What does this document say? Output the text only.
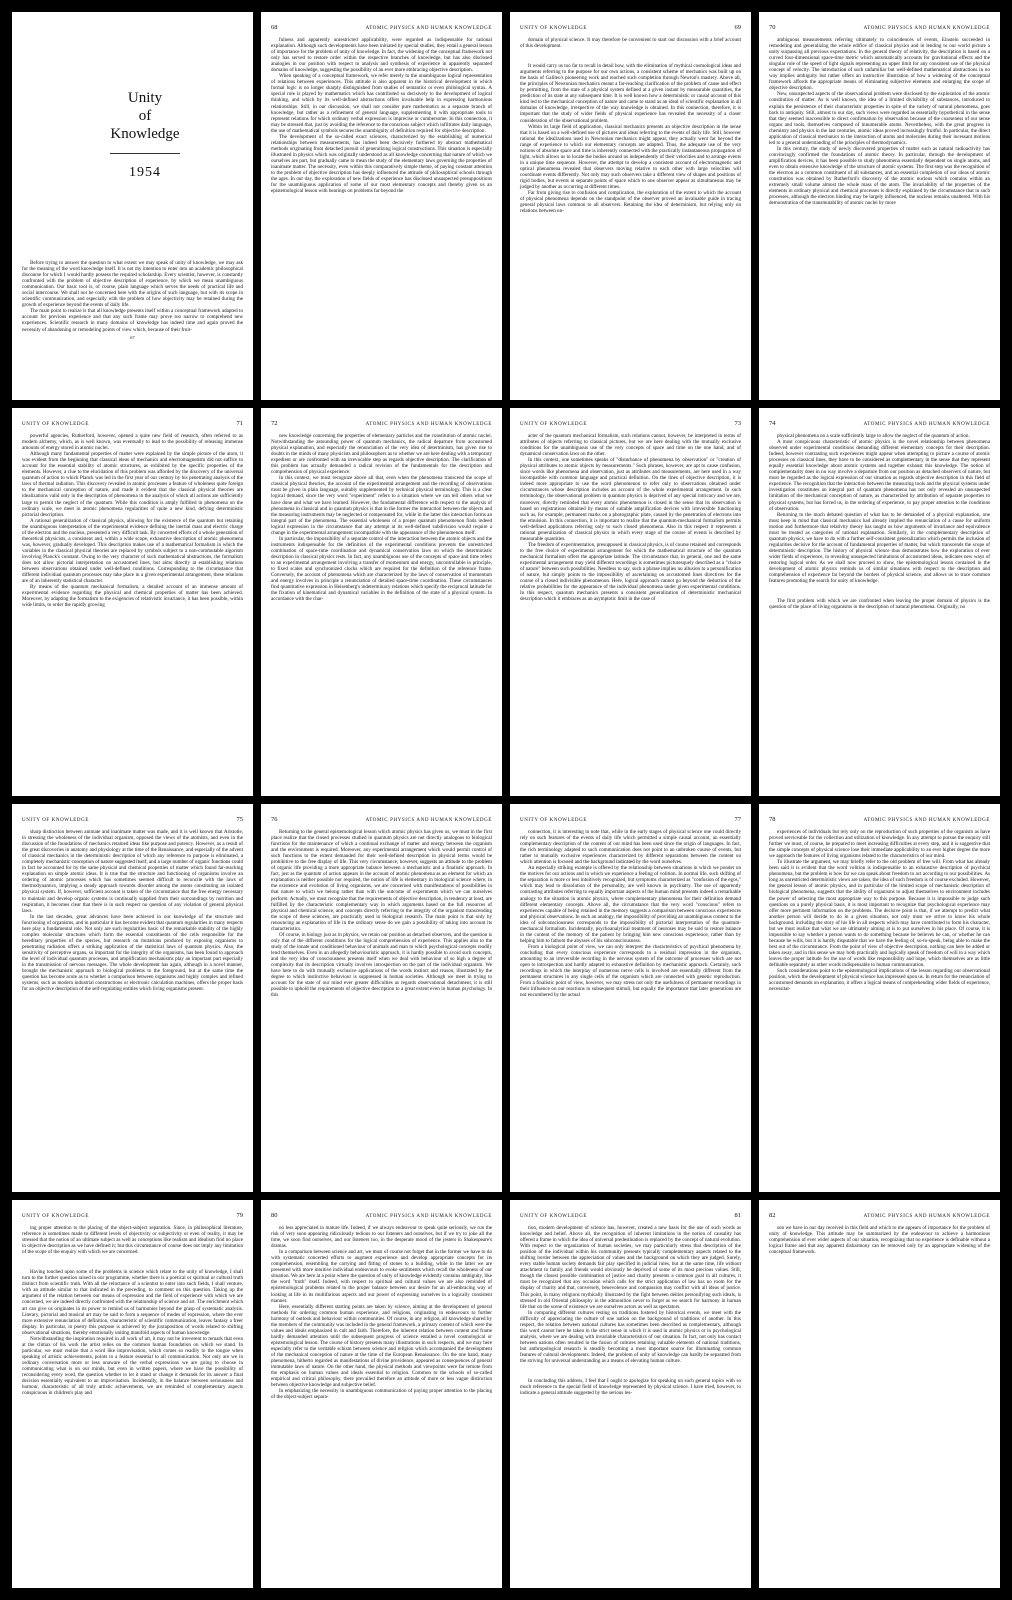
Unity
of
Knowledge
1954

Before trying to answer the question to what extent we may speak of unity of knowledge, we may ask for the meaning of the word knowledge itself. It is not my intention to enter into an academic philosophical discourse for which I would hardly possess the required scholarship. Every scientist, however, is constantly confronted with the problem of objective description of experience, by which we mean unambiguous communication. Our basic tool is, of course, plain language which serves the needs of practical life and social intercourse. We shall not be concerned here with the origins of such language, but with its scope in scientific communication, and especially with the problem of how objectivity may be retained during the growth of experience beyond the events of daily life.

The main point to realize is that all knowledge presents itself within a conceptual framework adapted to account for previous experience and that any such frame may prove too narrow to comprehend new experiences. Scientific research in many domains of knowledge has indeed time and again proved the necessity of abandoning or remodeling points of view which, because of their fruit-

67
68	ATOMIC PHYSICS AND HUMAN KNOWLEDGE

fulness and apparently unrestricted applicability, were regarded as indispensable for rational explanation. Although such developments have been initiated by special studies, they entail a general lesson of importance for the problem of unity of knowledge. In fact, the widening of the conceptual framework not only has served to restore order within the respective branches of knowledge, but has also disclosed analogies in our position with respect to analysis and synthesis of experience in apparently separated domains of knowledge, suggesting the possibility of an ever more embracing objective description.

When speaking of a conceptual framework, we refer merely to the unambiguous logical representation of relations between experiences. This attitude is also apparent in the historical development in which formal logic is no longer sharply distinguished from studies of semantics or even philological syntax. A special role is played by mathematics which has contributed so decisively to the development of logical thinking, and which by its well-defined abstractions offers invaluable help in expressing harmonious relationships. Still, in our discussion, we shall not consider pure mathematics as a separate branch of knowledge, but rather as a refinement of general language, supplementing it with appropriate tools to represent relations for which ordinary verbal expression is imprecise or cumbersome. In this connection, it may be stressed that, just by avoiding the reference to the conscious subject which infiltrates daily language, the use of mathematical symbols secures the unambiguity of definition required for objective description.

The development of the so-called exact sciences, characterized by the establishing of numerical relationships between measurements, has indeed been decisively furthered by abstract mathematical methods originating from detached pursuit of generalizing logical constructions. This situation is especially illustrated in physics which was originally understood as all knowledge concerning that nature of which we ourselves are part, but gradually came to mean the study of the elementary laws governing the properties of inanimate matter. The necessity, even within this comparatively simple theme, of paying constant attention to the problem of objective description has deeply influenced the attitude of philosophical schools through the ages. In our day, the exploration of new fields of experience has disclosed unsuspected presuppositions for the unambiguous application of some of our most elementary concepts and thereby given us an epistemological lesson with bearings on problems far beyond the

UNITY OF KNOWLEDGE	69

domain of physical science. It may therefore be convenient to start our discussion with a brief account of this development.

It would carry us too far to recall in detail how, with the elimination of mythical cosmological ideas and arguments referring to the purpose for our own actions, a consistent scheme of mechanics was built up on the basis of Galileo's pioneering work and reached such completion through Newton's mastery. Above all, the principles of Newtonian mechanics meant a far-reaching clarification of the problem of cause and effect by permitting, from the state of a physical system defined at a given instant by measurable quantities, the prediction of its state at any subsequent time. It is well known how a deterministic or causal account of this kind led to the mechanical conception of nature and came to stand as an ideal of scientific explanation in all domains of knowledge, irrespective of the way knowledge is obtained. In this connection, therefore, it is important that the study of wider fields of physical experience has revealed the necessity of a closer consideration of the observational problem.

Within its large field of application, classical mechanics presents an objective description in the sense that it is based on a well-defined use of pictures and ideas referring to the events of daily life. Still, however rational the idealizations used in Newtonian mechanics might appear, they actually went far beyond the range of experience to which our elementary concepts are adapted. Thus, the adequate use of the very notions of absolute space and time is inherently connected with the practically instantaneous propagation of light, which allows us to locate the bodies around us independently of their velocities and to arrange events in a unique time sequence. However, the attempt to develop a consistent account of electromagnetic and optical phenomena revealed that observers moving relative to each other with large velocities will coordinate events differently. Not only may such observers take a different view of shapes and positions of rigid bodies, but events at separate points of space which to one observer appear as simultaneous may be judged by another as occurring at different times.

Far from giving rise to confusion and complication, the exploration of the extent to which the account of physical phenomena depends on the standpoint of the observer proved an invaluable guide in tracing general physical laws common to all observers. Retaining the idea of determinism, but relying only on relations between un-

70	ATOMIC PHYSICS AND HUMAN KNOWLEDGE

ambiguous measurements referring ultimately to coincidences of events, Einstein succeeded in remodeling and generalizing the whole edifice of classical physics and in lending to our world picture a unity surpassing all previous expectations. In the general theory of relativity, the description is based on a curved four-dimensional space-time metric which automatically accounts for gravitational effects and the singular role of the speed of light signals representing an upper limit for any consistent use of the physical concept of velocity. The introduction of such unfamiliar but well-defined mathematical abstractions in no way implies ambiguity but rather offers an instructive illustration of how a widening of the conceptual framework affords the appropriate means of eliminating subjective elements and enlarging the scope of objective description.

New, unsuspected aspects of the observational problem were disclosed by the exploration of the atomic constitution of matter. As is well known, the idea of a limited divisibility of substances, introduced to explain the persistence of their characteristic properties in spite of the variety of natural phenomena, goes back to antiquity. Still, almost to our day, such views were regarded as essentially hypothetical in the sense that they seemed inaccessible to direct confirmation by observation because of the coarseness of our sense organs and tools, themselves composed of innumerable atoms. Nevertheless, with the great progress in chemistry and physics in the last centuries, atomic ideas proved increasingly fruitful. In particular, the direct application of classical mechanics to the interaction of atoms and molecules during their incessant motions led to a general understanding of the principles of thermodynamics.

In this century, the study of newly discovered properties of matter such as natural radioactivity has convincingly confirmed the foundations of atomic theory. In particular, through the development of amplification devices, it has been possible to study phenomena essentially dependent on single atoms, and even to obtain extensive knowledge of the structure of atomic systems. The first step was the recognition of the electron as a common constituent of all substances, and an essential completion of our ideas of atomic constitution was obtained by Rutherford's discovery of the atomic nucleus which contains within an extremely small volume almost the whole mass of the atom. The invariability of the properties of the elements in ordinary physical and chemical processes is directly explained by the circumstance that in such processes, although the electron binding may be largely influenced, the nucleus remains unaltered. With his demonstration of the transmutability of atomic nuclei by more

UNITY OF KNOWLEDGE	71

powerful agencies, Rutherford, however, opened a quite new field of research, often referred to as modern alchemy, which, as is well known, was eventually to lead to the possibility of releasing immense amounts of energy stored in atomic nuclei.

Although many fundamental properties of matter were explained by the simple picture of the atom, it was evident from the beginning that classical ideas of mechanics and electromagnetism did not suffice to account for the essential stability of atomic structures, as exhibited by the specific properties of the elements. However, a clue to the elucidation of this problem was afforded by the discovery of the universal quantum of action to which Planck was led in the first year of our century by his penetrating analysis of the laws of thermal radiation. This discovery revealed in atomic processes a feature of wholeness quite foreign to the mechanical conception of nature, and made it evident that the classical physical theories are idealizations valid only in the description of phenomena in the analysis of which all actions are sufficiently large to permit the neglect of the quantum. While this condition is amply fulfilled in phenomena on the ordinary scale, we meet in atomic phenomena regularities of quite a new kind, defying deterministic pictorial description.

A rational generalization of classical physics, allowing for the existence of the quantum but retaining the unambiguous interpretation of the experimental evidence defining the inertial mass and electric charge of the electron and the nucleus, presented a very difficult task. By concerted efforts of a whole generation of theoretical physicists, a consistent and, within a wide scope, exhaustive description of atomic phenomena was, however, gradually developed. This description makes use of a mathematical formalism in which the variables in the classical physical theories are replaced by symbols subject to a non-commutable algorism involving Planck's constant. Owing to the very character of such mathematical abstractions, the formalism does not allow pictorial interpretation on accustomed lines, but aims directly at establishing relations between observations obtained under well-defined conditions. Corresponding to the circumstance that different individual quantum processes may take place in a given experimental arrangement, these relations are of an inherently statistical character.

By means of the quantum mechanical formalism, a detailed account of an immense amount of experimental evidence regarding the physical and chemical properties of matter has been achieved. Moreover, by adapting the formalism to the exigencies of relativistic invariance, it has been possible, within wide limits, to order the rapidly growing

72	ATOMIC PHYSICS AND HUMAN KNOWLEDGE

new knowledge concerning the properties of elementary particles and the constitution of atomic nuclei. Notwithstanding the astounding power of quantum mechanics, the radical departure from accustomed physical explanation, and especially the renunciation of the very idea of determinism, has given rise to doubts in the minds of many physicists and philosophers as to whether we are here dealing with a temporary expedient or are confronted with an irrevocable step as regards objective description. The clarification of this problem has actually demanded a radical revision of the fundamentals for the description and comprehension of physical experience.

In this context, we must recognize above all that, even when the phenomena transcend the scope of classical physical theories, the account of the experimental arrangement and the recording of observations must be given in plain language, suitably supplemented by technical physical terminology. This is a clear logical demand, since the very word "experiment" refers to a situation where we can tell others what we have done and what we have learned. However, the fundamental difference with respect to the analysis of phenomena in classical and in quantum physics is that in the former the interaction between the objects and the measuring instruments may be neglected or compensated for, while in the latter this interaction forms an integral part of the phenomena. The essential wholeness of a proper quantum phenomenon finds indeed logical expression in the circumstance that any attempt at its well-defined subdivision would require a change in the experimental arrangement incompatible with the appearance of the phenomenon itself.

In particular, the impossibility of a separate control of the interaction between the atomic objects and the instruments indispensable for the definition of the experimental conditions prevents the unrestricted combination of space-time coordination and dynamical conservation laws on which the deterministic description in classical physics rests. In fact, any unambiguous use of the concepts of space and time refers to an experimental arrangement involving a transfer of momentum and energy, uncontrollable in principle, to fixed scales and synchronized clocks which are required for the definition of the reference frame. Conversely, the account of phenomena which are characterized by the laws of conservation of momentum and energy involves in principle a renunciation of detailed space-time coordination. These circumstances find quantitative expression in Heisenberg's indeterminacy relations which specify the reciprocal latitude for the fixation of kinematical and dynamical variables in the definition of the state of a physical system. In accordance with the char-

UNITY OF KNOWLEDGE	73

acter of the quantum mechanical formalism, such relations cannot, however, be interpreted in terms of attributes of objects referring to classical pictures, but we are here dealing with the mutually exclusive conditions for the unambiguous use of the very concepts of space and time on the one hand, and of dynamical conservation laws on the other.

In this context, one sometimes speaks of "disturbance of phenomena by observation" or "creation of physical attributes to atomic objects by measurements." Such phrases, however, are apt to cause confusion, since words like phenomena and observation, just as attributes and measurements, are here used in a way incompatible with common language and practical definition. On the lines of objective description, it is indeed more appropriate to use the word phenomenon to refer only to observations obtained under circumstances whose description includes an account of the whole experimental arrangement. In such terminology, the observational problem in quantum physics is deprived of any special intricacy and we are, moreover, directly reminded that every atomic phenomenon is closed in the sense that its observation is based on registrations obtained by means of suitable amplification devices with irreversible functioning such as, for example, permanent marks on a photographic plate, caused by the penetration of electrons into the emulsion. In this connection, it is important to realize that the quantum-mechanical formalism permits well-defined applications referring only to such closed phenomena. Also in this respect it represents a rational generalization of classical physics in which every stage of the course of events is described by measurable quantities.

The freedom of experimentation, presupposed in classical physics, is of course retained and corresponds to the free choice of experimental arrangement for which the mathematical structure of the quantum mechanical formalism offers the appropriate latitude. The circumstance that, in general, one and the same experimental arrangement may yield different recordings is sometimes picturesquely described as a "choice of nature" between such possibilities. Needless to say, such a phrase implies no allusion to a personification of nature, but simply points to the impossibility of ascertaining on accustomed lines directives for the course of a closed indivisible phenomenon. Here, logical approach cannot go beyond the deduction of the relative probabilities for the appearance of the individual phenomena under given experimental conditions. In this respect, quantum mechanics presents a consistent generalization of deterministic mechanical description which it embraces as an asymptotic limit in the case of

74	ATOMIC PHYSICS AND HUMAN KNOWLEDGE

physical phenomena on a scale sufficiently large to allow the neglect of the quantum of action.

A most conspicuous characteristic of atomic physics is the novel relationship between phenomena observed under experimental conditions demanding different elementary concepts for their description. Indeed, however contrasting such experiences might appear when attempting to picture a course of atomic processes on classical lines, they have to be considered as complementary in the sense that they represent equally essential knowledge about atomic systems and together exhaust this knowledge. The notion of complementarity does in no way involve a departure from our position as detached observers of nature, but must be regarded as the logical expression of our situation as regards objective description in this field of experience. The recognition that the interaction between the measuring tools and the physical systems under investigation constitutes an integral part of quantum phenomena has not only revealed an unsuspected limitation of the mechanical conception of nature, as characterized by attribution of separate properties to physical systems, but has forced us, in the ordering of experience, to pay proper attention to the conditions of observation.

Returning to the much debated question of what has to be demanded of a physical explanation, one must keep in mind that classical mechanics had already implied the renunciation of a cause for uniform motion and furthermore that relativity theory has taught us how arguments of invariance and equivalence must be treated as categories of rational explanation. Similarly, in the complementary description of quantum physics, we have to do with a further self-consistent generalization which permits the inclusion of regularities decisive for the account of fundamental properties of matter, but which transcends the scope of deterministic description. The history of physical science thus demonstrates how the exploration of ever wider fields of experience, in revealing unsuspected limitations of accustomed ideas, indicates new ways of restoring logical order. As we shall now proceed to show, the epistemological lesson contained in the development of atomic physics reminds us of similar situations with respect to the description and comprehension of experience far beyond the borders of physical science, and allows us to trace common features promoting the search for unity of knowledge.

The first problem with which we are confronted when leaving the proper domain of physics is the question of the place of living organisms in the description of natural phenomena. Originally, no

UNITY OF KNOWLEDGE	75

sharp distinction between animate and inanimate matter was made, and it is well known that Aristotle, in stressing the wholeness of the individual organism, opposed the views of the atomists, and even in the discussion of the foundations of mechanics retained ideas like purpose and potency. However, as a result of the great discoveries in anatomy and physiology at the time of the Renaissance, and especially of the advent of classical mechanics in the deterministic description of which any reference to purpose is eliminated, a completely mechanistic conception of nature suggested itself, and a large number of organic functions could in fact be accounted for by the same physical and chemical properties of matter which found far-reaching explanation on simple atomic ideas. It is true that the structure and functioning of organisms involve an ordering of atomic processes which has sometimes seemed difficult to reconcile with the laws of thermodynamics, implying a steady approach towards disorder among the atoms constituting an isolated physical system. If, however, sufficient account is taken of the circumstance that the free energy necessary to maintain and develop organic systems is continually supplied from their surroundings by nutrition and respiration, it becomes clear that there is in such respect no question of any violation of general physical laws.

In the last decades, great advances have been achieved in our knowledge of the structure and functioning of organisms, and in particular it has become evident that quantum regularities in many respects here play a fundamental role. Not only are such regularities basic of the remarkable stability of the highly complex molecular structures which form the essential constituents of the cells responsible for the hereditary properties of the species, but research on mutations produced by exposing organisms to penetrating radiation offers a striking application of the statistical laws of quantum physics. Also, the sensitivity of perceptive organs, so important for the integrity of the organisms, has been found to approach the level of individual quantum processes, and amplification mechanisms play an important part especially in the transmission of nervous messages. The whole development has again, although in a novel manner, brought the mechanistic approach to biological problems to the foreground, but at the same time the question has become acute as to whether a comparison between organisms and highly complex and refined systems, such as modern industrial constructions or electronic calculation machines, offers the proper basis for an objective description of the self-regulating entities which living organisms present.

76	ATOMIC PHYSICS AND HUMAN KNOWLEDGE

Returning to the general epistemological lesson which atomic physics has given us, we must in the first place realize that the closed processes studied in quantum physics are not directly analogous to biological functions for the maintenance of which a continual exchange of matter and energy between the organism and the environment is required. Moreover, any experimental arrangement which would permit control of such functions to the extent demanded for their well-defined description in physical terms would be prohibitive to the free display of life. This very circumstance, however, suggests an attitude to the problem of organic life providing a more appropriate balance between a mechanistic and a finalistic approach. In fact, just as the quantum of action appears in the account of atomic phenomena as an element for which an explanation is neither possible nor required, the notion of life is elementary in biological science where, in the existence and evolution of living organisms, we are concerned with manifestations of possibilities in that nature to which we belong rather than with the outcome of experiments which we can ourselves perform. Actually, we must recognize that the requirements of objective description, in tendency at least, are fulfilled by the characteristic complementary way in which arguments based on the full resources of physical and chemical science, and concepts directly referring to the integrity of the organism transcending the scope of these sciences, are practically used in biological research. The main point is that only by renouncing an explanation of life in the ordinary sense do we gain a possibility of taking into account its characteristics.

Of course, in biology just as in physics, we retain our position as detached observers, and the question is only that of the different conditions for the logical comprehension of experience. This applies also to the study of the innate and conditioned behaviour of animals and man to which psychological concepts readily lend themselves. Even in an allegedly behaviouristic approach, it is hardly possible to avoid such concepts, and the very idea of consciousness presents itself when we deal with behaviour of so high a degree of complexity that its description virtually involves introspection on the part of the individual organism. We have here to do with mutually exclusive applications of the words instinct and reason, illustrated by the degree to which instinctive behaviour is suppressed in human societies. Although we meet in trying to account for the state of our mind ever greater difficulties as regards observational detachment, it is still possible to uphold the requirements of objective description to a great extent even in human psychology. In this

UNITY OF KNOWLEDGE	77

connection, it is interesting to note that, while in the early stages of physical science one could directly rely on such features of the events of daily life which permitted a simple causal account, an essentially complementary description of the content of our mind has been used since the origin of languages. In fact, the rich terminology adapted to such communication does not point to an unbroken course of events, but rather to mutually exclusive experiences characterized by different separations between the content on which attention is focused and the background indicated by the word ourselves.

An especially striking example is offered by the relationship between situations in which we ponder on the motives for our actions and in which we experience a feeling of volition. In normal life, such shifting of the separation is more or less intuitively recognized, but symptoms characterized as "confusion of the egos," which may lead to dissolution of the personality, are well known in psychiatry. The use of apparently contrasting attributes referring to equally important aspects of the human mind presents indeed a remarkable analogy to the situation in atomic physics, where complementary phenomena for their definition demand different elementary concepts. Above all, the circumstance that the very word "conscious" refers to experiences capable of being retained in the memory suggests a comparison between conscious experiences and physical observations. In such an analogy, the impossibility of providing an unambiguous content to the idea of subconsciousness corresponds to the impossibility of pictorial interpretation of the quantum-mechanical formalism. Incidentally, psychoanalytical treatment of neuroses may be said to restore balance in the content of the memory of the patient by bringing him new conscious experience, rather than by helping him to fathom the abysses of his subconsciousness.

From a biological point of view, we can only interpret the characteristics of psychical phenomena by concluding that every conscious experience corresponds to a residual impression in the organism, amounting to an irreversible recording in the nervous system of the outcome of processes which are not open to introspection and hardly adapted to exhaustive definition by mechanistic approach. Certainly, such recordings in which the interplay of numerous nerve cells is involved are essentially different from the permanent structures in any single cells of the organism which are connected with genetic reproduction. From a finalistic point of view, however, we may stress not only the usefulness of permanent recordings in their influence on our reactions to subsequent stimuli, but equally the importance that later generations are not encumbered by the actual

78	ATOMIC PHYSICS AND HUMAN KNOWLEDGE

experiences of individuals but rely only on the reproduction of such properties of the organism as have proved serviceable for the collection and utilization of knowledge. In any attempt to pursue the enquiry still further we must, of course, be prepared to meet increasing difficulties at every step, and it is suggestive that the simple concepts of physical science lose their immediate applicability to an ever higher degree the more we approach the features of living organisms related to the characteristics of our mind.

To illustrate the argument, we may briefly refer to the old problem of free will. From what has already been said it is evident that the word volition is indispensable to an exhaustive description of psychical phenomena, but the problem is how far we can speak about freedom to act according to our possibilities. As long as unrestricted deterministic views are taken, the idea of such freedom is of course excluded. However, the general lesson of atomic physics, and in particular of the limited scope of mechanistic description of biological phenomena, suggests that the ability of organisms to adjust themselves to environment includes the power of selecting the most appropriate way to this purpose. Because it is impossible to judge such questions on a purely physical basis, it is most important to recognize that psychological experience may offer more pertinent information on the problems. The decisive point is that, if we attempt to predict what another person will decide to do in a given situation, not only must we strive to know his whole background, including the story of his life in all respects which may have contributed to form his character, but we must realize that what we are ultimately aiming at is to put ourselves in his place. Of course, it is impossible to say whether a person wants to do something because he believes he can, or whether he can because he wills, but it is hardly disputable that we have the feeling of, so-to-speak, being able to make the best out of the circumstance. From the point of view of objective description, nothing can here be added or taken away, and in this sense we may both practically and logically speak of freedom of will in a way which leaves the proper latitude for the use of words like responsibility and hope, which themselves are as little definable separately as other words indispensable to human communication.

Such considerations point to the epistemological implications of the lesson regarding our observational position, which the development of physical science has impressed upon us. In return for the renunciation of accustomed demands on explanation, it offers a logical means of comprehending wider fields of experience, necessitat-

UNITY OF KNOWLEDGE	79

ing proper attention to the placing of the object-subject separation. Since, in philosophical literature, reference is sometimes made to different levels of objectivity or subjectivity or even of reality, it may be stressed that the notion of an ultimate subject as well as conceptions like realism and idealism find no place in objective description as we have defined it; but this circumstance of course does not imply any limitation of the scope of the enquiry with which we are concerned.

Having touched upon some of the problems in science which relate to the unity of knowledge, I shall turn to the further question raised in our programme, whether there is a poetical or spiritual or cultural truth distinct from scientific truth. With all the reluctance of a scientist to enter into such fields, I shall venture, with an attitude similar to that indicated in the preceding, to comment on this question. Taking up the argument of the relation between our means of expression and the field of experience with which we are concerned, we are indeed directly confronted with the relationship of science and art. The enrichment which art can give us originates in its power to remind us of harmonies beyond the grasp of systematic analysis. Literary, pictorial and musical art may be said to form a sequence of modes of expression, where the ever more extensive renunciation of definition, characteristic of scientific communication, leaves fantasy a freer display. In particular, in poetry this purpose is achieved by the juxtaposition of words related to shifting observational situations, thereby emotionally uniting manifold aspects of human knowledge.

Notwithstanding the inspiration required in all work of art, it may not be irreverent to remark that even at the climax of his work the artist relies on the common human foundation on which we stand. In particular, we must realize that a word like improvisation, which comes so readily to the tongue when speaking of artistic achievements, points to a feature essential to all communication. Not only are we in ordinary conversation more or less unaware of the verbal expressions we are going to choose in communicating what is on our minds, but even in written papers, where we have the possibility of reconsidering every word, the question whether to let it stand or change it demands for its answer a final decision essentially equivalent to an improvisation. Incidentally, in the balance between seriousness and humour, characteristic of all truly artistic achievements, we are reminded of complementary aspects conspicuous in children's play and

80	ATOMIC PHYSICS AND HUMAN KNOWLEDGE

no less appreciated in mature life. Indeed, if we always endeavour to speak quite seriously, we run the risk of very soon appearing ridiculously tedious to our listeners and ourselves, but if we try to joke all the time, we soon find ourselves, and our listeners too, in the desperate mood of the jesters in Shakespeare's dramas.

In a comparison between science and art, we must of course not forget that in the former we have to do with systematic concerted efforts to augment experience and develop appropriate concepts for its comprehension, resembling the carrying and fitting of stones to a building, while in the latter we are presented with more intuitive individual endeavours to evoke sentiments which recall the wholeness of our situation. We are here at a point where the question of unity of knowledge evidently contains ambiguity, like the word "truth" itself. Indeed, with respect to spiritual and cultural values we are also reminded of epistemological problems related to the proper balance between our desire for an all-embracing way of looking at life in its multifarious aspects and our power of expressing ourselves in a logically consistent manner.

Here, essentially different starting points are taken by science, aiming at the development of general methods for ordering common human experience, and religions, originating in endeavours to further harmony of outlook and behaviour within communities. Of course, in any religion, all knowledge shared by the members of the community was included in the general framework, a primary content of which were the values and ideals emphasized in cult and faith. Therefore, the inherent relation between content and frame hardly demanded attention until the subsequent progress of science entailed a novel cosmological or epistemological lesson. The course of history presents many illustrations in such respects, and we may here especially refer to the veritable schism between science and religion which accompanied the development of the mechanical conception of nature at the time of the European Renaissance. On the one hand, many phenomena, hitherto regarded as manifestations of divine providence, appeared as consequences of general immutable laws of nature. On the other hand, the physical methods and viewpoints were far remote from the emphasis on human values and ideals essential to religion. Common to the schools of so-called empirical and critical philosophy, there prevailed therefore an attitude of more or less vague distinction between objective knowledge and subjective belief.

In emphasizing the necessity in unambiguous communication of paying proper attention to the placing of the object-subject separa-

UNITY OF KNOWLEDGE	81

tion, modern development of science has, however, created a new basis for the use of such words as knowledge and belief. Above all, the recognition of inherent limitations in the notion of causality has offered a frame in which the idea of universal predestination is replaced by the concept of natural evolution. With respect to the organization of human societies, we may particularly stress that description of the position of the individual within his community presents typically complementary aspects related to the shifting border between the appreciation of values and the background on which they are judged. Surely, every stable human society demands fair play specified in judicial rules, but at the same time, life without attachment to family and friends would obviously be deprived of some of its most precious values. Still, though the closest possible combination of justice and charity presents a common goal in all cultures, it must be recognized that any occasion which calls for the strict application of law has no room for the display of charity and that, conversely, benevolence and compassion may conflict with all ideas of justice. This point, in many religions mythically illustrated by the fight between deities personifying such ideals, is stressed in old Oriental philosophy in the admonition never to forget as we search for harmony in human life that on the scene of existence we are ourselves actors as well as spectators.

In comparing different cultures resting on traditions fostered by historical events, we meet with the difficulty of appreciating the culture of one nation on the background of traditions of another. In this respect, the relation between national cultures has sometimes been described as complementary, although this word cannot here be taken in the strict sense in which it is used in atomic physics or in psychological analysis, where we are dealing with invariable characteristics of our situation. In fact, not only has contact between nations often resulted in the fusion of cultures retaining valuable elements of national traditions, but anthropological research is steadily becoming a most important source for illuminating common features of cultural developments. Indeed, the problem of unity of knowledge can hardly be separated from the striving for universal understanding as a means of elevating human culture.

In concluding this address, I feel that I ought to apologize for speaking on such general topics with so much reference to the special field of knowledge represented by physical science. I have tried, however, to indicate a general attitude suggested by the serious les-

82	ATOMIC PHYSICS AND HUMAN KNOWLEDGE

son we have in our day received in this field and which to me appears of importance for the problem of unity of knowledge. This attitude may be summarized by the endeavour to achieve a harmonious comprehension of ever wider aspects of our situation, recognizing that no experience is definable without a logical frame and that any apparent disharmony can be removed only by an appropriate widening of the conceptual framework.
